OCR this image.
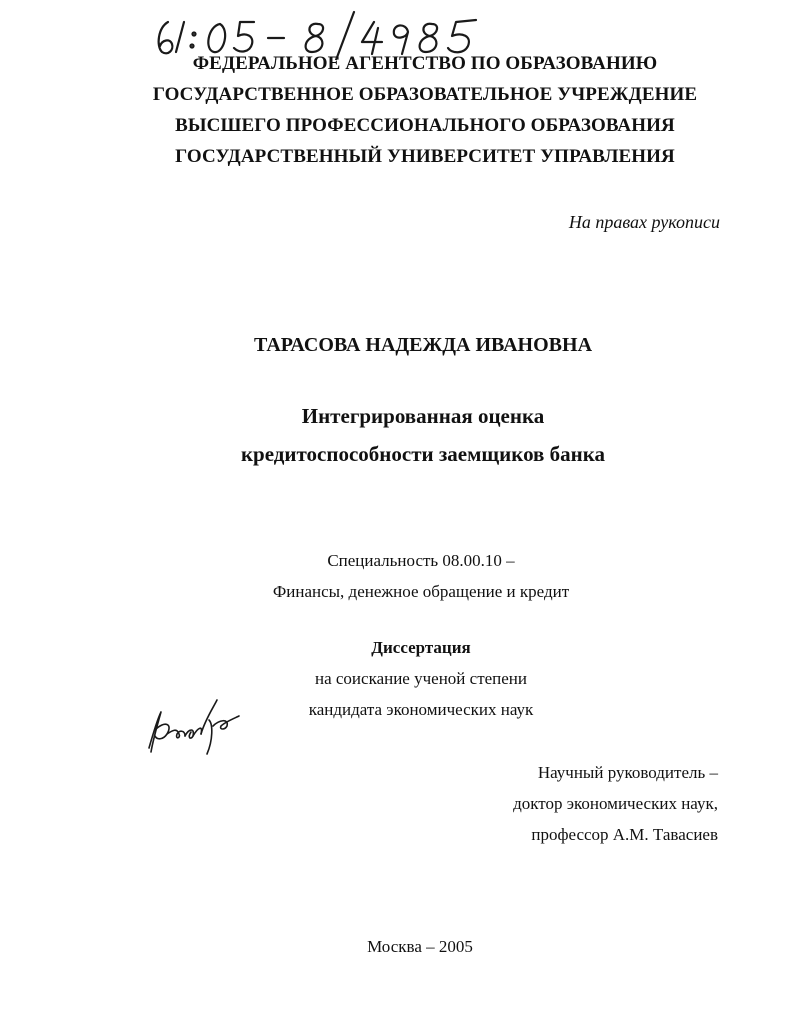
ФЕДЕРАЛЬНОЕ АГЕНТСТВО ПО ОБРАЗОВАНИЮ
ГОСУДАРСТВЕННОЕ ОБРАЗОВАТЕЛЬНОЕ УЧРЕЖДЕНИЕ
ВЫСШЕГО ПРОФЕССИОНАЛЬНОГО ОБРАЗОВАНИЯ
ГОСУДАРСТВЕННЫЙ УНИВЕРСИТЕТ УПРАВЛЕНИЯ
На правах рукописи
ТАРАСОВА НАДЕЖДА ИВАНОВНА
Интегрированная оценка
кредитоспособности заемщиков банка
Специальность 08.00.10 –
Финансы, денежное обращение и кредит
Диссертация
на соискание ученой степени
кандидата экономических наук
Научный руководитель –
доктор экономических наук,
профессор А.М. Тавасиев
Москва – 2005
